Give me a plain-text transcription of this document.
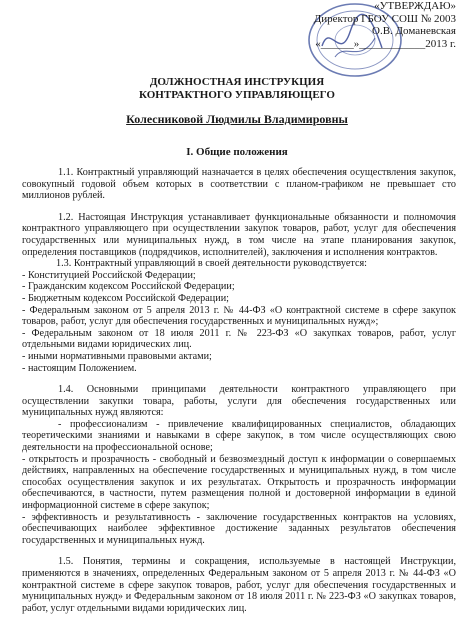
«УТВЕРЖДАЮ»
Директор ГБОУ СОШ № 2003
О.В. Доманевская
«______»____________2013 г.
ДОЛЖНОСТНАЯ ИНСТРУКЦИЯ
КОНТРАКТНОГО УПРАВЛЯЮЩЕГО
Колесниковой Людмилы Владимировны
I. Общие положения

1.1. Контрактный управляющий назначается в целях обеспечения осуществления закупок, совокупный годовой объем которых в соответствии с планом-графиком не превышает сто миллионов рублей.

1.2. Настоящая Инструкция устанавливает функциональные обязанности и полномочия контрактного управляющего при осуществлении закупок товаров, работ, услуг для обеспечения государственных или муниципальных нужд, в том числе на этапе планирования закупок, определения поставщиков (подрядчиков, исполнителей), заключения и исполнения контрактов.

1.3. Контрактный управляющий в своей деятельности руководствуется:

- Конституцией Российской Федерации;

- Гражданским кодексом Российской Федерации;

- Бюджетным кодексом Российской Федерации;

- Федеральным законом от 5 апреля 2013 г. № 44-ФЗ «О контрактной системе в сфере закупок товаров, работ, услуг для обеспечения государственных и муниципальных нужд»;

- Федеральным законом от 18 июля 2011 г. № 223-ФЗ «О закупках товаров, работ, услуг отдельными видами юридических лиц.

- иными нормативными правовыми актами;

- настоящим Положением.

1.4. Основными принципами деятельности контрактного управляющего при осуществлении закупки товара, работы, услуги для обеспечения государственных или муниципальных нужд являются:

- профессионализм - привлечение квалифицированных специалистов, обладающих теоретическими знаниями и навыками в сфере закупок, в том числе осуществляющих свою деятельности на профессиональной основе;

- открытость и прозрачность - свободный и безвозмездный доступ к информации о совершаемых действиях, направленных на обеспечение государственных и муниципальных нужд, в том числе способах осуществления закупок и их результатах. Открытость и прозрачность информации обеспечиваются, в частности, путем размещения полной и достоверной информации в единой информационной системе в сфере закупок;

- эффективность и результативность - заключение государственных контрактов на условиях, обеспечивающих наиболее эффективное достижение заданных результатов обеспечения государственных и муниципальных нужд.

1.5. Понятия, термины и сокращения, используемые в настоящей Инструкции, применяются в значениях, определенных Федеральным законом от 5 апреля 2013 г. № 44-ФЗ «О контрактной системе в сфере закупок товаров, работ, услуг для обеспечения государственных и муниципальных нужд» и Федеральным законом от 18 июля 2011 г. № 223-ФЗ «О закупках товаров, работ, услуг отдельными видами юридических лиц.
